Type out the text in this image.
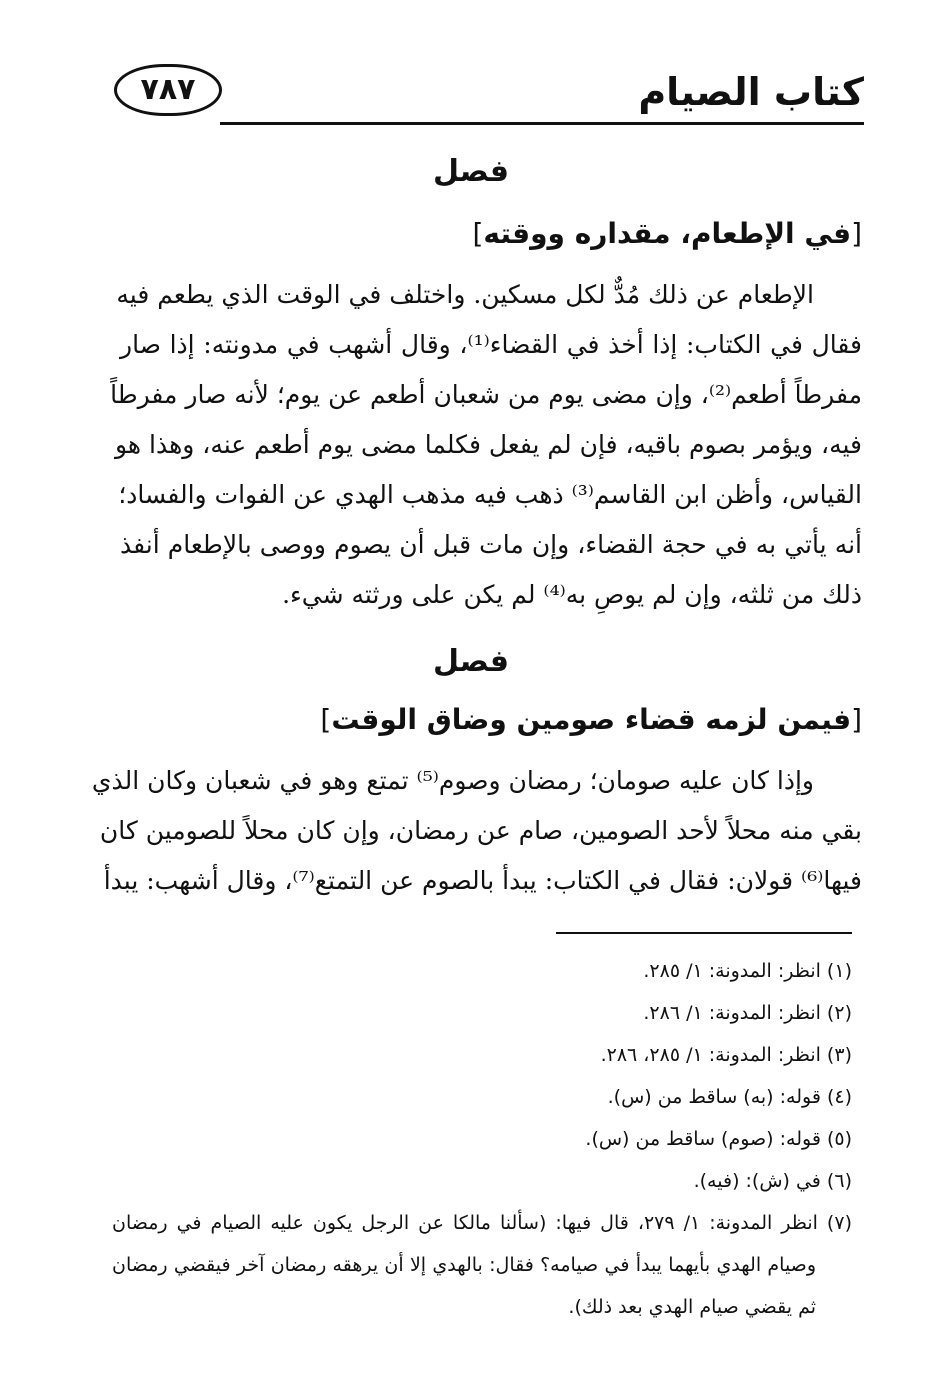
كتاب الصيام
٧٨٧
فصل
[في الإطعام، مقداره ووقته]
الإطعام عن ذلك مُدٌّ لكل مسكين. واختلف في الوقت الذي يطعم فيه
فقال في الكتاب: إذا أخذ في القضاء⁽¹⁾، وقال أشهب في مدونته: إذا صار
مفرطاً أطعم⁽²⁾، وإن مضى يوم من شعبان أطعم عن يوم؛ لأنه صار مفرطاً
فيه، ويؤمر بصوم باقيه، فإن لم يفعل فكلما مضى يوم أطعم عنه، وهذا هو
القياس، وأظن ابن القاسم⁽³⁾ ذهب فيه مذهب الهدي عن الفوات والفساد؛
أنه يأتي به في حجة القضاء، وإن مات قبل أن يصوم ووصى بالإطعام أنفذ
ذلك من ثلثه، وإن لم يوصِ به⁽⁴⁾ لم يكن على ورثته شيء.
فصل
[فيمن لزمه قضاء صومين وضاق الوقت]
وإذا كان عليه صومان؛ رمضان وصوم⁽⁵⁾ تمتع وهو في شعبان وكان الذي
بقي منه محلاً لأحد الصومين، صام عن رمضان، وإن كان محلاً للصومين كان
فيها⁽⁶⁾ قولان: فقال في الكتاب: يبدأ بالصوم عن التمتع⁽⁷⁾، وقال أشهب: يبدأ
(١) انظر: المدونة: ١/ ٢٨٥.
(٢) انظر: المدونة: ١/ ٢٨٦.
(٣) انظر: المدونة: ١/ ٢٨٥، ٢٨٦.
(٤) قوله: (به) ساقط من (س).
(٥) قوله: (صوم) ساقط من (س).
(٦) في (ش): (فيه).
(٧) انظر المدونة: ١/ ٢٧٩، قال فيها: (سألنا مالكا عن الرجل يكون عليه الصيام في رمضان
وصيام الهدي بأيهما يبدأ في صيامه؟ فقال: بالهدي إلا أن يرهقه رمضان آخر فيقضي رمضان
ثم يقضي صيام الهدي بعد ذلك).
